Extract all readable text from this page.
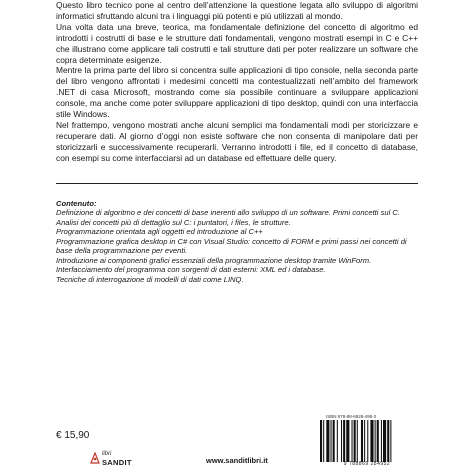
Questo libro tecnico pone al centro dell’attenzione la questione legata allo sviluppo di algoritmi informatici sfruttando alcuni tra i linguaggi più potenti e più utilizzati al mondo.

Una volta data una breve, teorica, ma fondamentale definizione del concetto di algoritmo ed introdotti i costrutti di base e le strutture dati fondamentali, vengono mostrati esempi in C e C++ che illustrano come applicare tali costrutti e tali strutture dati per poter realizzare un software che copra determinate esigenze.

Mentre la prima parte del libro si concentra sulle applicazioni di tipo console, nella seconda parte del libro vengono affrontati i medesimi concetti ma contestualizzati nell’ambito del framework .NET di casa Microsoft, mostrando come sia possibile continuare a sviluppare applicazioni console, ma anche come poter sviluppare applicazioni di tipo desktop, quindi con una interfaccia stile Windows.

Nel frattempo, vengono mostrati anche alcuni semplici ma fondamentali modi per storicizzare e recuperare dati. Al giorno d’oggi non esiste software che non consenta di manipolare dati per storicizzarli e successivamente recuperarli. Verranno introdotti i file, ed il concetto di database, con esempi su come interfacciarsi ad un database ed effettuare delle query.

Contenuto:

Definizione di algoritmo e dei concetti di base inerenti allo sviluppo di un software. Primi concetti sul C.

Analisi dei concetti più di dettaglio sul C: i puntatori, i files, le strutture.

Programmazione orientata agli oggetti ed introduzione al C++

Programmazione grafica desktop in C# con Visual Studio: concetto di FORM e primi passi nei concetti di base della programmazione per eventi.

Introduzione ai componenti grafici essenziali della programmazione desktop tramite WinForm.

Interfacciamento del programma con sorgenti di dati esterni: XML ed i database.

Tecniche di interrogazione di modelli di dati come LINQ.

€ 15,90
libri
SANDIT	www.sanditlibri.it
ISBN 978-88-6928-495-2
9 788869 284952
